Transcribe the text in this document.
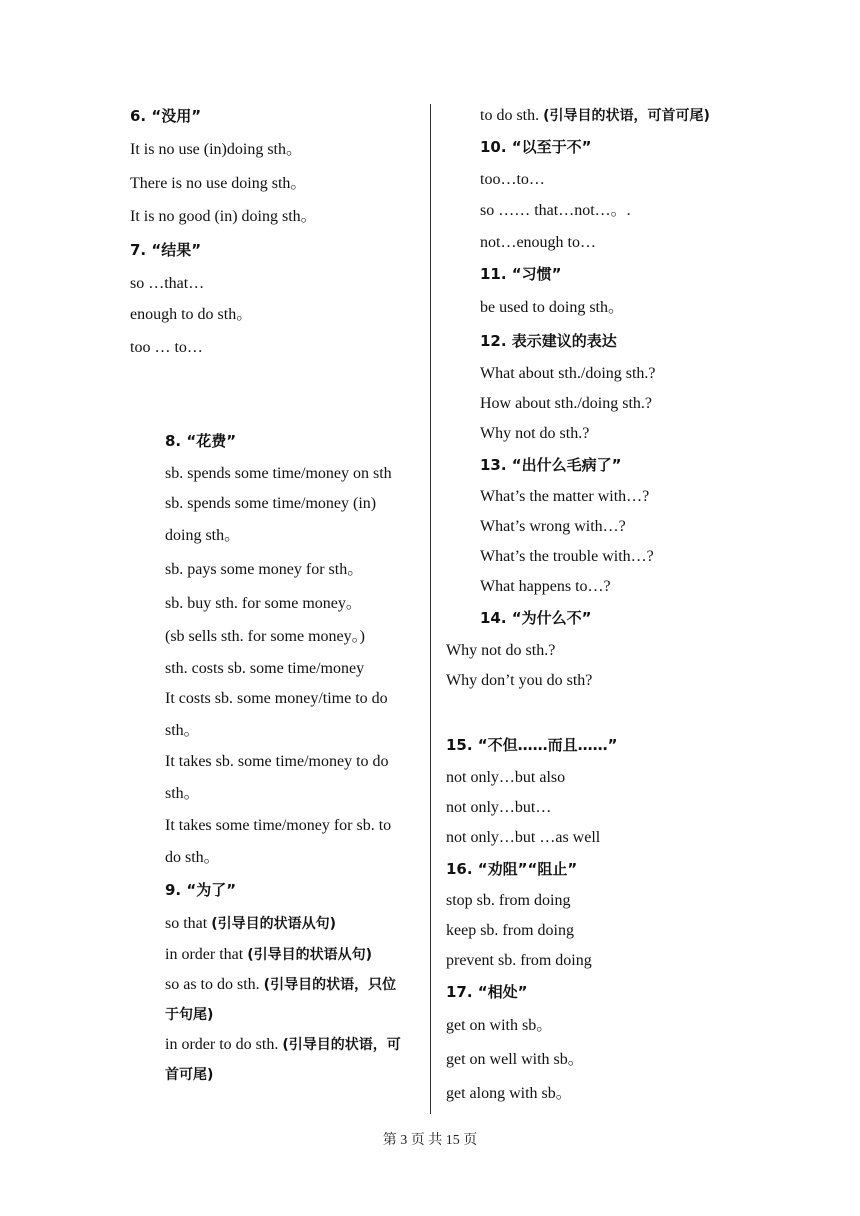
6. “没用”
It is no use (in)doing sth。
There is no use doing sth。
It is no good (in) doing sth。
7. “结果”
so …that…
enough to do sth。
too … to…
8. “花费”
sb. spends some time/money on sth
sb. spends some time/money (in)
doing sth。
sb. pays some money for sth。
sb. buy sth. for some money。
(sb sells sth. for some money。)
sth. costs sb. some time/money
It costs sb. some money/time to do
sth。
It takes sb. some time/money to do
sth。
It takes some time/money for sb. to
do sth。
9. “为了”
so that (引导目的状语从句)
in order that (引导目的状语从句)
so as to do sth. (引导目的状语，只位
于句尾)
in order to do sth. (引导目的状语，可
首可尾)
to do sth. (引导目的状语，可首可尾)
10. “以至于不”
too…to…
so …… that…not…。.
not…enough to…
11. “习惯”
be used to doing sth。
12. 表示建议的表达
What about sth./doing sth.?
How about sth./doing sth.?
Why not do sth.?
13. “出什么毛病了”
What’s the matter with…?
What’s wrong with…?
What’s the trouble with…?
What happens to…?
14. “为什么不”
Why not do sth.?
Why don’t you do sth?
15. “不但……而且……”
not only…but also
not only…but…
not only…but …as well
16. “劝阻”“阻止”
stop sb. from doing
keep sb. from doing
prevent sb. from doing
17. “相处”
get on with sb。
get on well with sb。
get along with sb。
第 3 页 共 15 页
